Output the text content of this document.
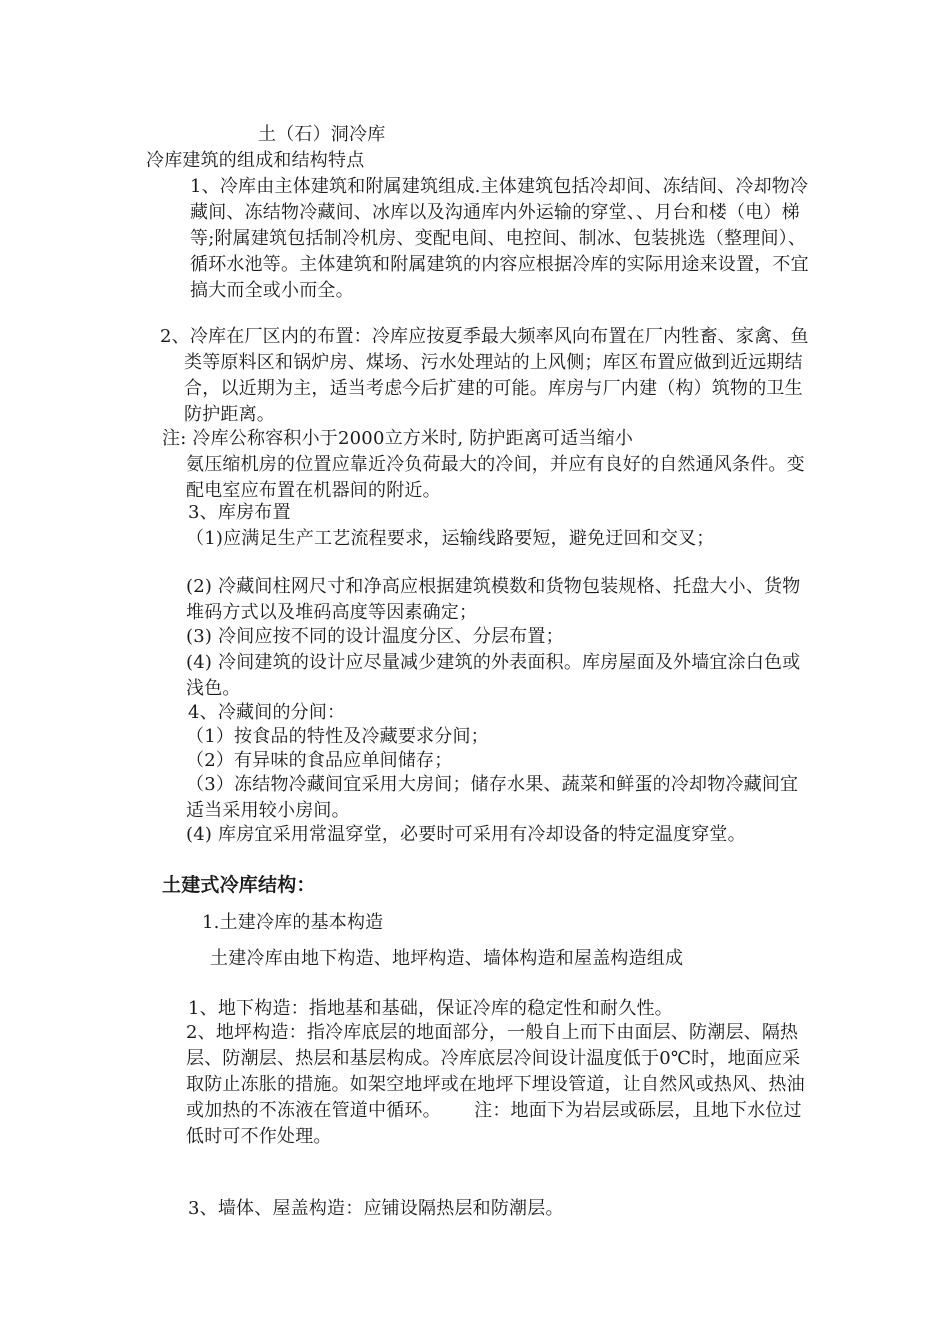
土（石）洞冷库
冷库建筑的组成和结构特点
1、冷库由主体建筑和附属建筑组成.主体建筑包括冷却间、冻结间、冷却物冷藏间、冻结物冷藏间、冰库以及沟通库内外运输的穿堂、、月台和楼（电）梯等;附属建筑包括制冷机房、变配电间、电控间、制冰、包装挑选（整理间）、循环水池等。主体建筑和附属建筑的内容应根据冷库的实际用途来设置，不宜搞大而全或小而全。
2、冷库在厂区内的布置：冷库应按夏季最大频率风向布置在厂内牲畜、家禽、鱼类等原料区和锅炉房、煤场、污水处理站的上风侧；库区布置应做到近远期结合，以近期为主，适当考虑今后扩建的可能。库房与厂内建（构）筑物的卫生防护距离。
注: 冷库公称容积小于2000立方米时, 防护距离可适当缩小
氨压缩机房的位置应靠近冷负荷最大的冷间，并应有良好的自然通风条件。变配电室应布置在机器间的附近。
3、库房布置
（1)应满足生产工艺流程要求，运输线路要短，避免迂回和交叉；
(2) 冷藏间柱网尺寸和净高应根据建筑模数和货物包装规格、托盘大小、货物堆码方式以及堆码高度等因素确定；
(3) 冷间应按不同的设计温度分区、分层布置；
(4) 冷间建筑的设计应尽量减少建筑的外表面积。库房屋面及外墙宜涂白色或浅色。
4、冷藏间的分间：
（1）按食品的特性及冷藏要求分间；
（2）有异味的食品应单间储存；
（3）冻结物冷藏间宜采用大房间；储存水果、蔬菜和鲜蛋的冷却物冷藏间宜适当采用较小房间。
(4) 库房宜采用常温穿堂，必要时可采用有冷却设备的特定温度穿堂。
土建式冷库结构：
1.土建冷库的基本构造
土建冷库由地下构造、地坪构造、墙体构造和屋盖构造组成
1、地下构造：指地基和基础，保证冷库的稳定性和耐久性。
2、地坪构造：指冷库底层的地面部分，一般自上而下由面层、防潮层、隔热层、防潮层、热层和基层构成。冷库底层冷间设计温度低于0℃时，地面应采取防止冻胀的措施。如架空地坪或在地坪下埋设管道，让自然风或热风、热油或加热的不冻液在管道中循环。　　 注：地面下为岩层或砾层，且地下水位过低时可不作处理。
3、墙体、屋盖构造：应铺设隔热层和防潮层。
